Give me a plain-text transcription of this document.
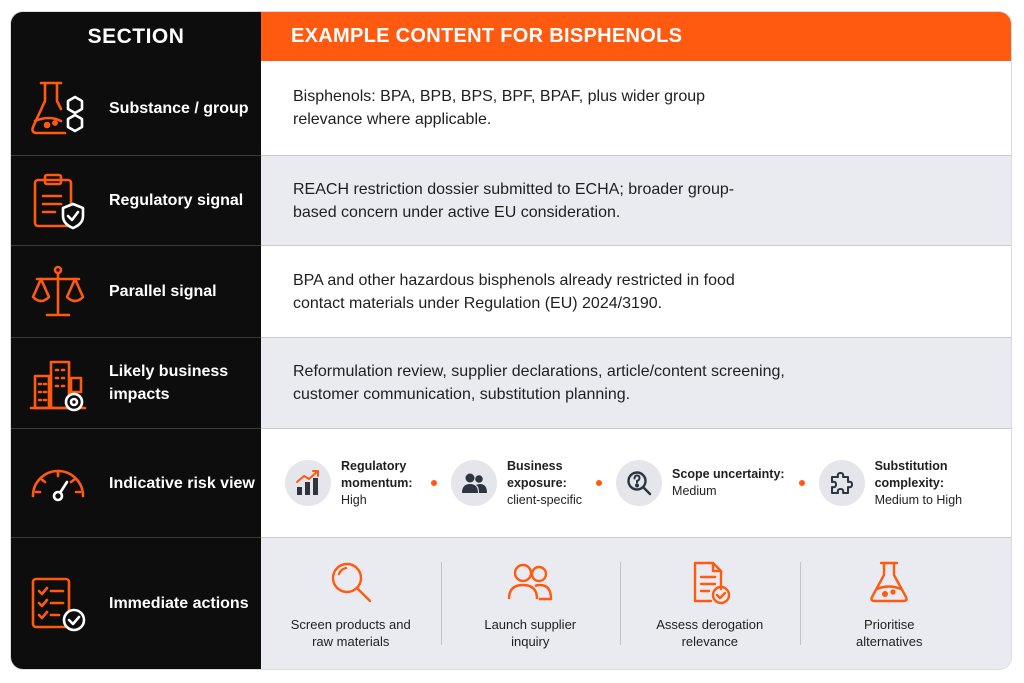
SECTION	EXAMPLE CONTENT FOR BISPHENOLS
Substance / group
Bisphenols: BPA, BPB, BPS, BPF, BPAF, plus wider group relevance where applicable.
Regulatory signal
REACH restriction dossier submitted to ECHA; broader group-based concern under active EU consideration.
Parallel signal
BPA and other hazardous bisphenols already restricted in food contact materials under Regulation (EU) 2024/3190.
Likely business impacts
Reformulation review, supplier declarations, article/content screening, customer communication, substitution planning.
Indicative risk view
Regulatory momentum:
High
Business exposure:
client-specific
Scope uncertainty:
Medium
Substitution complexity:
Medium to High
Immediate actions
Screen products and raw materials
Launch supplier inquiry
Assess derogation relevance
Prioritise alternatives
